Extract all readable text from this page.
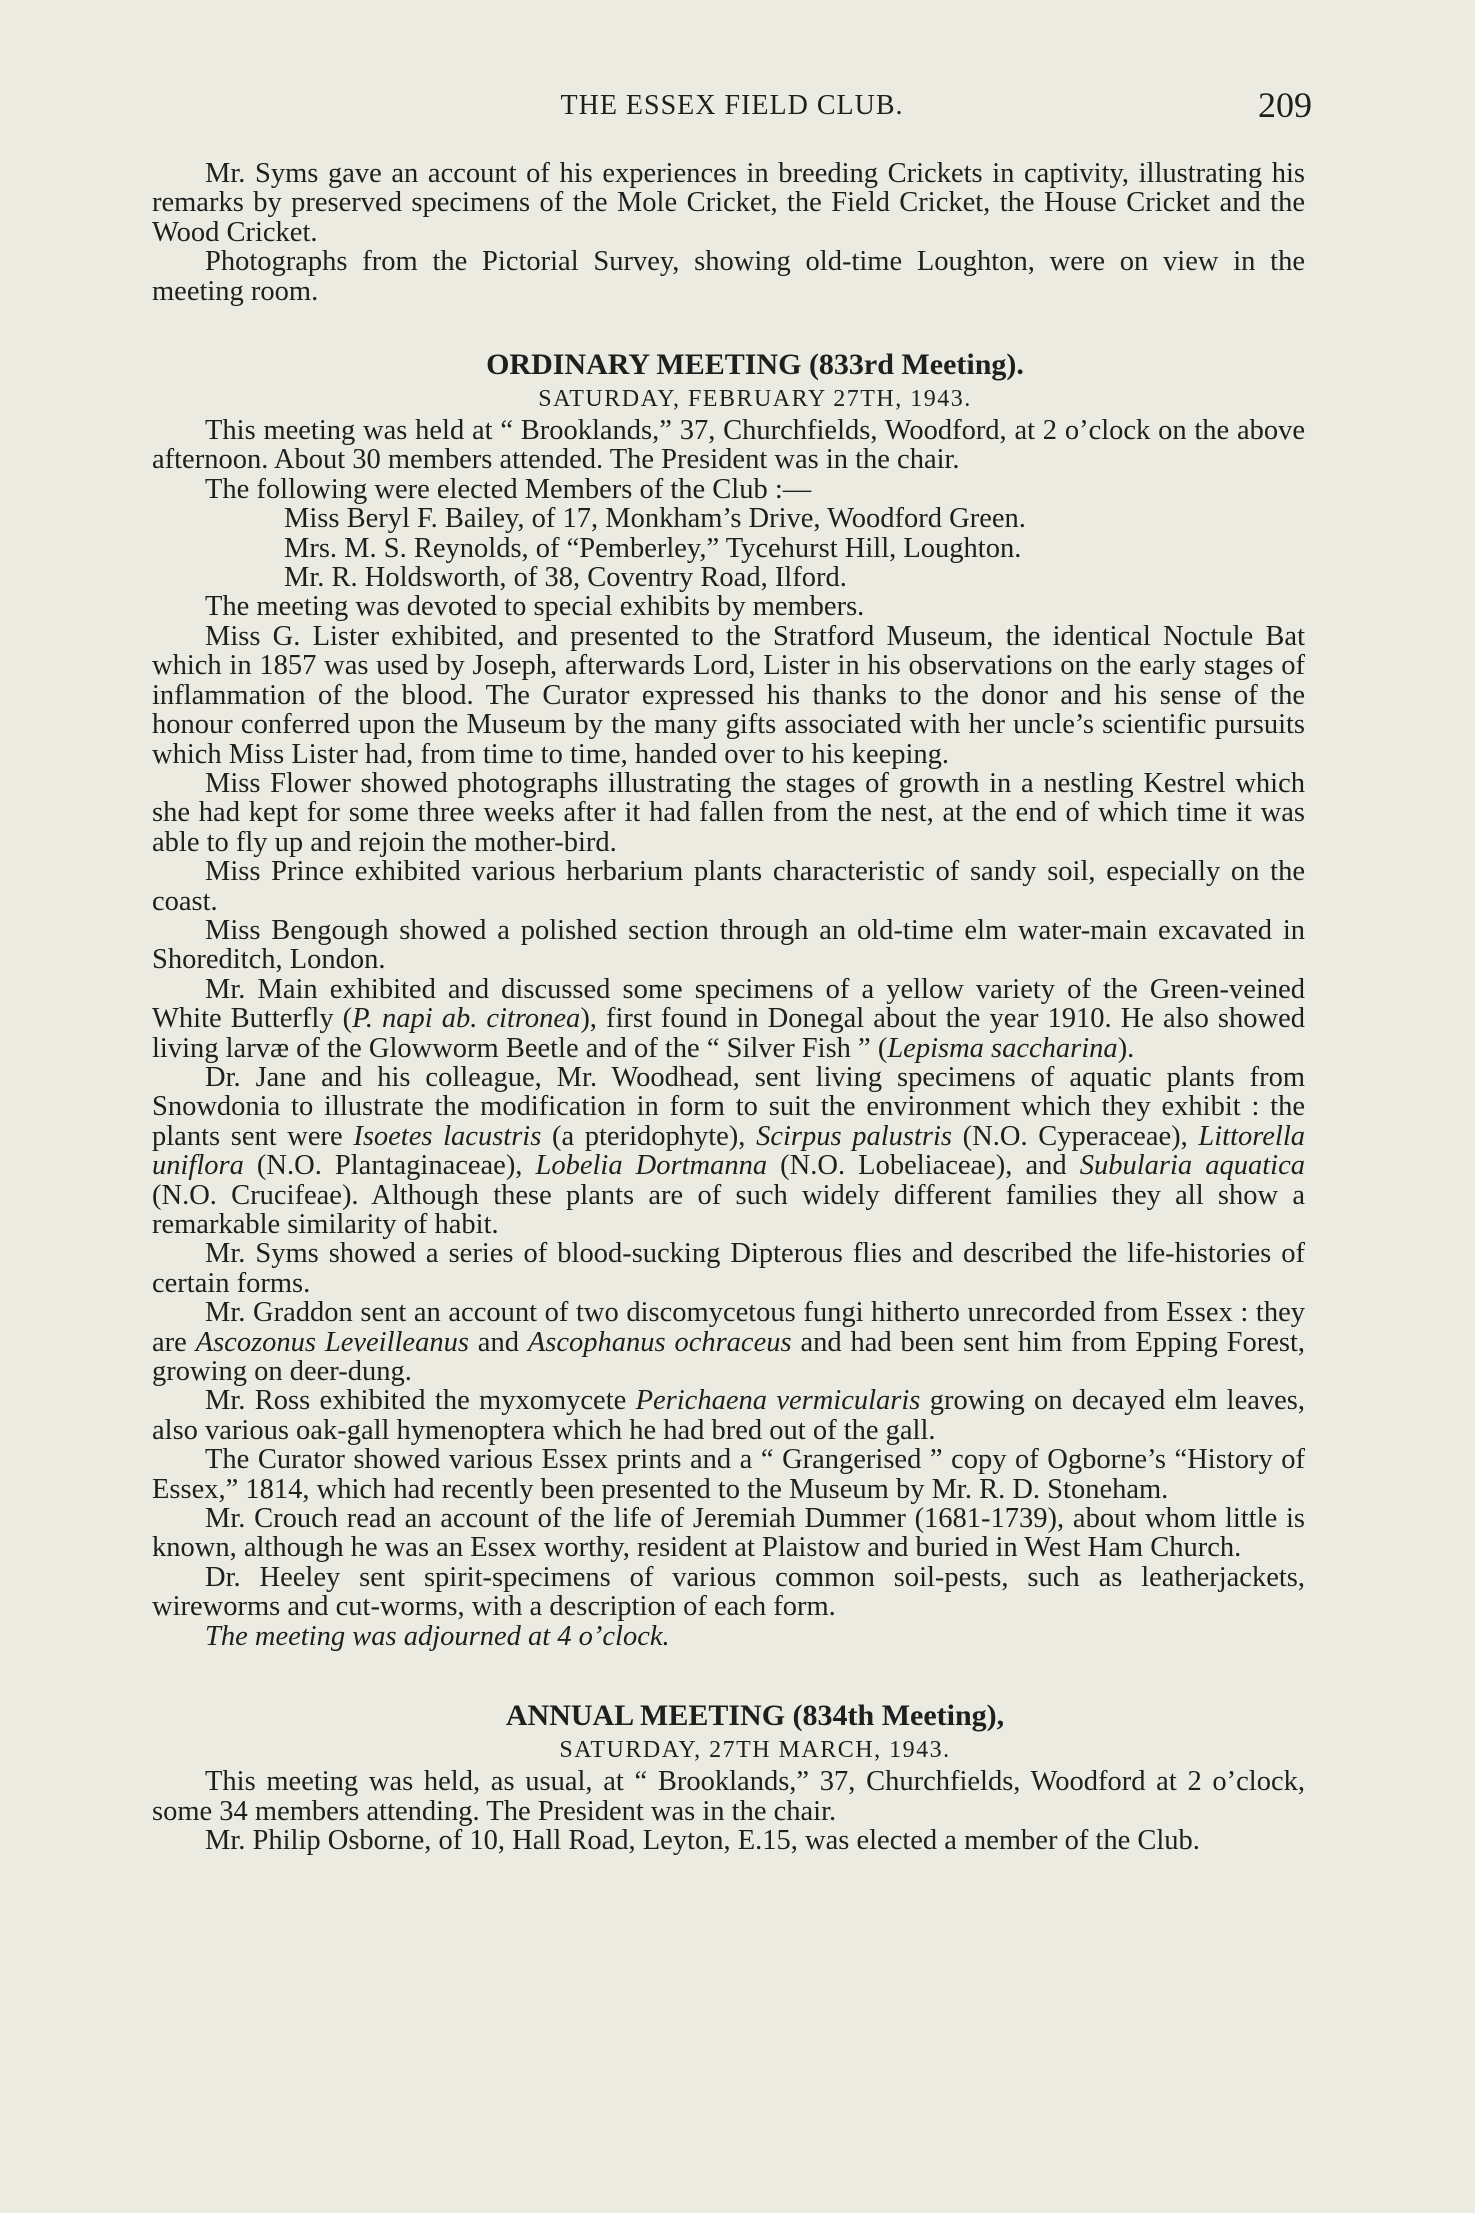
THE ESSEX FIELD CLUB.	209

Mr. Syms gave an account of his experiences in breeding Crickets in captivity, illustrating his remarks by preserved specimens of the Mole Cricket, the Field Cricket, the House Cricket and the Wood Cricket.

Photographs from the Pictorial Survey, showing old-time Loughton, were on view in the meeting room.

ORDINARY MEETING (833rd Meeting).

SATURDAY, FEBRUARY 27TH, 1943.

This meeting was held at “ Brooklands,” 37, Churchfields, Woodford, at 2 o’clock on the above afternoon. About 30 members attended. The President was in the chair.

The following were elected Members of the Club :—

Miss Beryl F. Bailey, of 17, Monkham’s Drive, Woodford Green.
Mrs. M. S. Reynolds, of “Pemberley,” Tycehurst Hill, Loughton.
Mr. R. Holdsworth, of 38, Coventry Road, Ilford.

The meeting was devoted to special exhibits by members.

Miss G. Lister exhibited, and presented to the Stratford Museum, the identical Noctule Bat which in 1857 was used by Joseph, afterwards Lord, Lister in his observations on the early stages of inflammation of the blood. The Curator expressed his thanks to the donor and his sense of the honour conferred upon the Museum by the many gifts associated with her uncle’s scientific pursuits which Miss Lister had, from time to time, handed over to his keeping.

Miss Flower showed photographs illustrating the stages of growth in a nestling Kestrel which she had kept for some three weeks after it had fallen from the nest, at the end of which time it was able to fly up and rejoin the mother-bird.

Miss Prince exhibited various herbarium plants characteristic of sandy soil, especially on the coast.

Miss Bengough showed a polished section through an old-time elm water-main excavated in Shoreditch, London.

Mr. Main exhibited and discussed some specimens of a yellow variety of the Green-veined White Butterfly (P. napi ab. citronea), first found in Donegal about the year 1910. He also showed living larvæ of the Glowworm Beetle and of the “ Silver Fish ” (Lepisma saccharina).

Dr. Jane and his colleague, Mr. Woodhead, sent living specimens of aquatic plants from Snowdonia to illustrate the modification in form to suit the environment which they exhibit : the plants sent were Isoetes lacustris (a pteridophyte), Scirpus palustris (N.O. Cyperaceae), Littorella uniflora (N.O. Plantaginaceae), Lobelia Dortmanna (N.O. Lobeliaceae), and Subularia aquatica (N.O. Crucifeae). Although these plants are of such widely different families they all show a remarkable similarity of habit.

Mr. Syms showed a series of blood-sucking Dipterous flies and described the life-histories of certain forms.

Mr. Graddon sent an account of two discomycetous fungi hitherto unrecorded from Essex : they are Ascozonus Leveilleanus and Ascophanus ochraceus and had been sent him from Epping Forest, growing on deer-dung.

Mr. Ross exhibited the myxomycete Perichaena vermicularis growing on decayed elm leaves, also various oak-gall hymenoptera which he had bred out of the gall.

The Curator showed various Essex prints and a “ Grangerised ” copy of Ogborne’s “History of Essex,” 1814, which had recently been presented to the Museum by Mr. R. D. Stoneham.

Mr. Crouch read an account of the life of Jeremiah Dummer (1681-1739), about whom little is known, although he was an Essex worthy, resident at Plaistow and buried in West Ham Church.

Dr. Heeley sent spirit-specimens of various common soil-pests, such as leatherjackets, wireworms and cut-worms, with a description of each form.

The meeting was adjourned at 4 o’clock.

ANNUAL MEETING (834th Meeting),

SATURDAY, 27TH MARCH, 1943.

This meeting was held, as usual, at “ Brooklands,” 37, Churchfields, Woodford at 2 o’clock, some 34 members attending. The President was in the chair.

Mr. Philip Osborne, of 10, Hall Road, Leyton, E.15, was elected a member of the Club.
